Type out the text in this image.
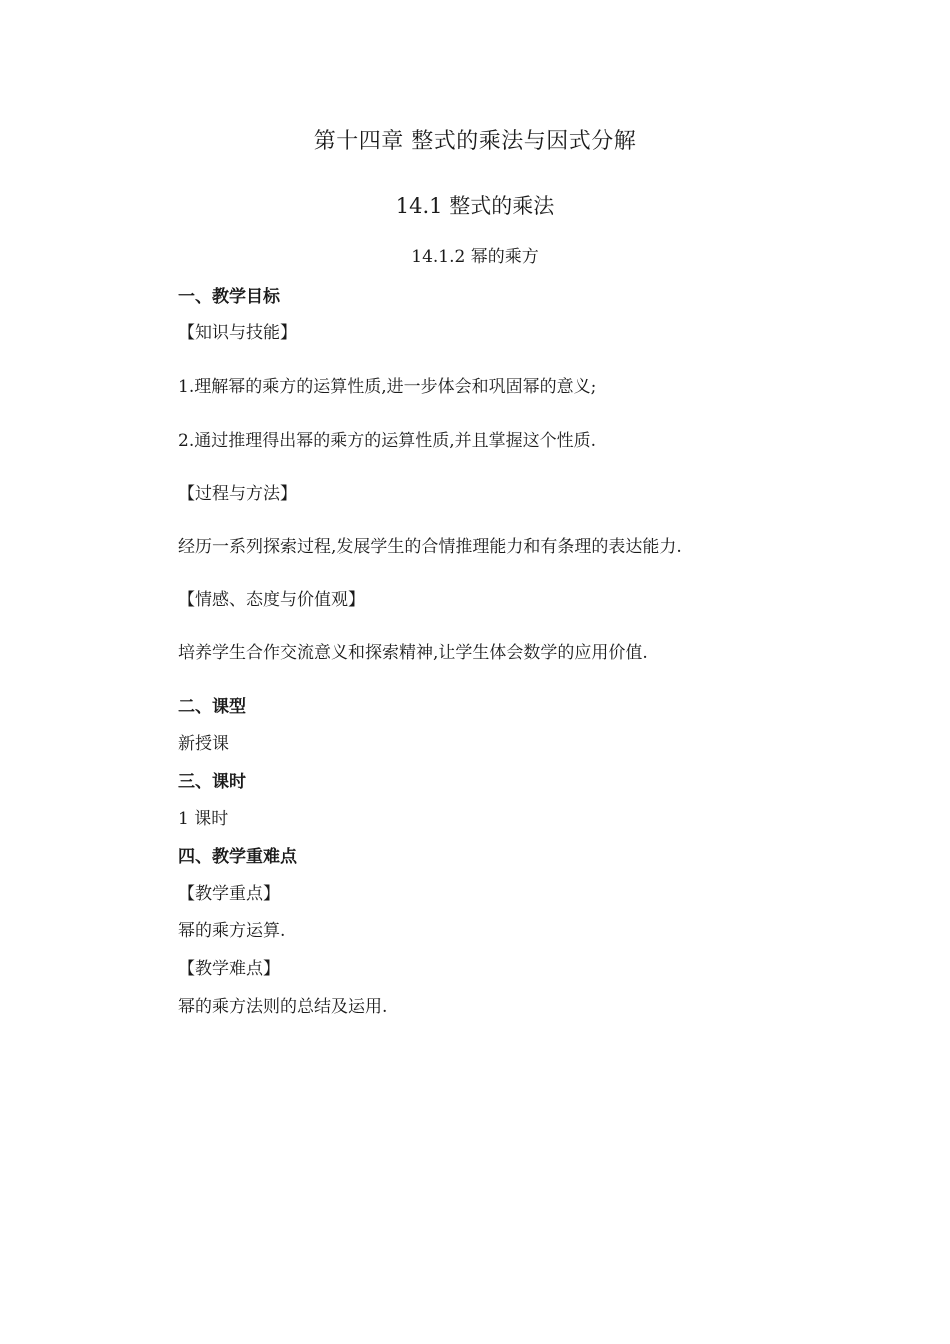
第十四章 整式的乘法与因式分解
14.1 整式的乘法
14.1.2 幂的乘方
一、教学目标
【知识与技能】
1.理解幂的乘方的运算性质,进一步体会和巩固幂的意义;
2.通过推理得出幂的乘方的运算性质,并且掌握这个性质.
【过程与方法】
经历一系列探索过程,发展学生的合情推理能力和有条理的表达能力.
【情感、态度与价值观】
培养学生合作交流意义和探索精神,让学生体会数学的应用价值.
二、课型
新授课
三、课时
1 课时
四、教学重难点
【教学重点】
幂的乘方运算.
【教学难点】
幂的乘方法则的总结及运用.
